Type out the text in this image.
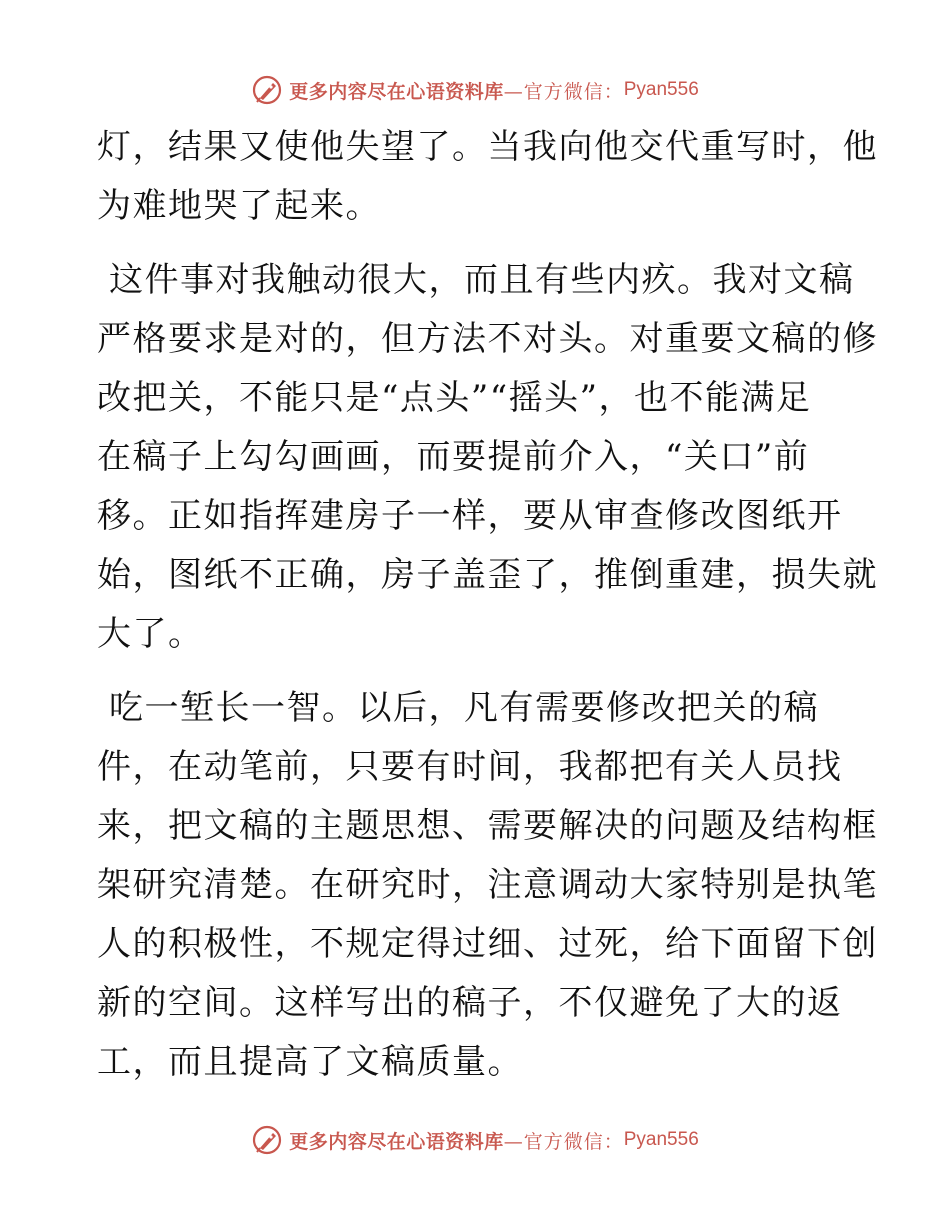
更多内容尽在心语资料库 —官方微信： Pyan556
灯，结果又使他失望了。当我向他交代重写时，他
为难地哭了起来。
这件事对我触动很大，而且有些内疚。我对文稿
严格要求是对的，但方法不对头。对重要文稿的修
改把关，不能只是“点头”“摇头”，也不能满足
在稿子上勾勾画画，而要提前介入，“关口”前
移。正如指挥建房子一样，要从审查修改图纸开
始，图纸不正确，房子盖歪了，推倒重建，损失就
大了。
吃一堑长一智。以后，凡有需要修改把关的稿
件，在动笔前，只要有时间，我都把有关人员找
来，把文稿的主题思想、需要解决的问题及结构框
架研究清楚。在研究时，注意调动大家特别是执笔
人的积极性，不规定得过细、过死，给下面留下创
新的空间。这样写出的稿子，不仅避免了大的返
工，而且提高了文稿质量。
更多内容尽在心语资料库 —官方微信： Pyan556
